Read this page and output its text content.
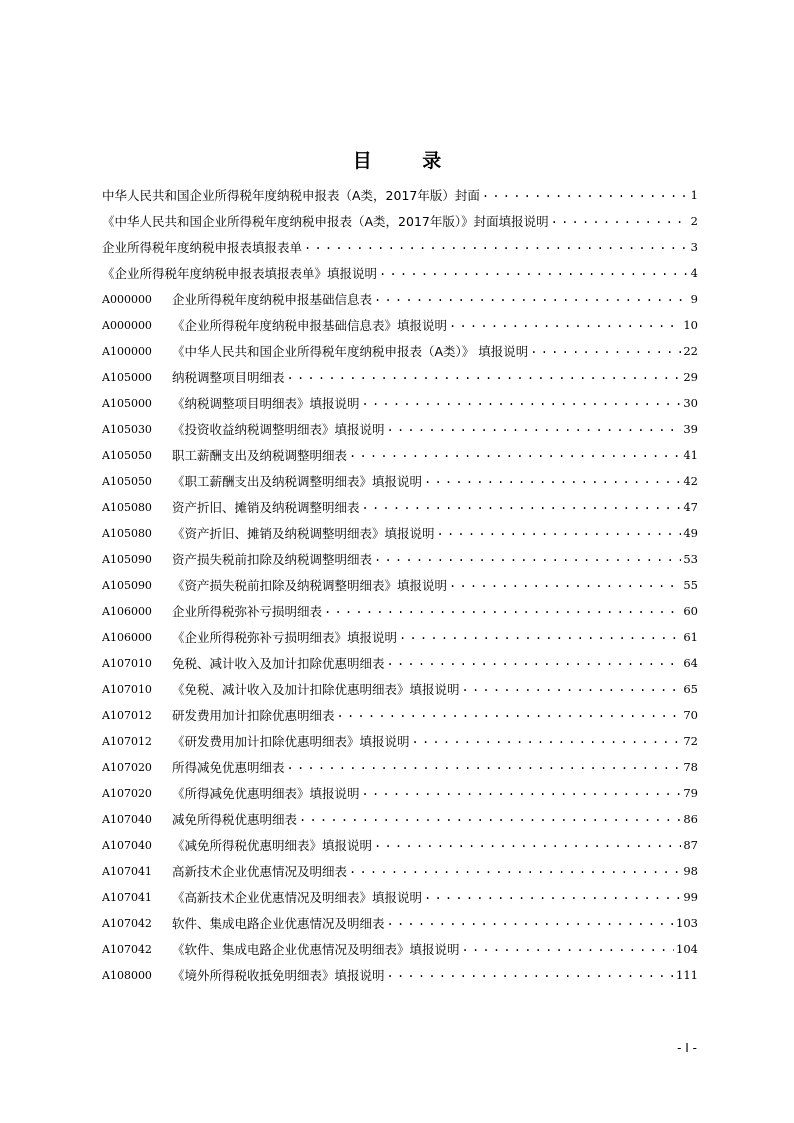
目 录
中华人民共和国企业所得税年度纳税申报表（A类，2017年版）封面 . . .	1
《中华人民共和国企业所得税年度纳税申报表（A类，2017年版）》封面填报说明 . . .	2
企业所得税年度纳税申报表填报表单 . . .	3
《企业所得税年度纳税申报表填报表单》填报说明 . . .	4
A000000	企业所得税年度纳税申报基础信息表 . . .	9
A000000	《企业所得税年度纳税申报基础信息表》填报说明 . . .	10
A100000	《中华人民共和国企业所得税年度纳税申报表（A类）》 填报说明 . . .	22
A105000	纳税调整项目明细表 . . .	29
A105000	《纳税调整项目明细表》填报说明 . . .	30
A105030	《投资收益纳税调整明细表》填报说明 . . .	39
A105050	职工薪酬支出及纳税调整明细表 . . .	41
A105050	《职工薪酬支出及纳税调整明细表》填报说明 . . .	42
A105080	资产折旧、摊销及纳税调整明细表 . . .	47
A105080	《资产折旧、摊销及纳税调整明细表》填报说明 . . .	49
A105090	资产损失税前扣除及纳税调整明细表 . . .	53
A105090	《资产损失税前扣除及纳税调整明细表》填报说明 . . .	55
A106000	企业所得税弥补亏损明细表 . . .	60
A106000	《企业所得税弥补亏损明细表》填报说明 . . .	61
A107010	免税、减计收入及加计扣除优惠明细表 . . .	64
A107010	《免税、减计收入及加计扣除优惠明细表》填报说明 . . .	65
A107012	研发费用加计扣除优惠明细表 . . .	70
A107012	《研发费用加计扣除优惠明细表》填报说明 . . .	72
A107020	所得减免优惠明细表 . . .	78
A107020	《所得减免优惠明细表》填报说明 . . .	79
A107040	减免所得税优惠明细表 . . .	86
A107040	《减免所得税优惠明细表》填报说明 . . .	87
A107041	高新技术企业优惠情况及明细表 . . .	98
A107041	《高新技术企业优惠情况及明细表》填报说明 . . .	99
A107042	软件、集成电路企业优惠情况及明细表 . . .	103
A107042	《软件、集成电路企业优惠情况及明细表》填报说明 . . .	104
A108000	《境外所得税收抵免明细表》填报说明 . . .	111
- I -
